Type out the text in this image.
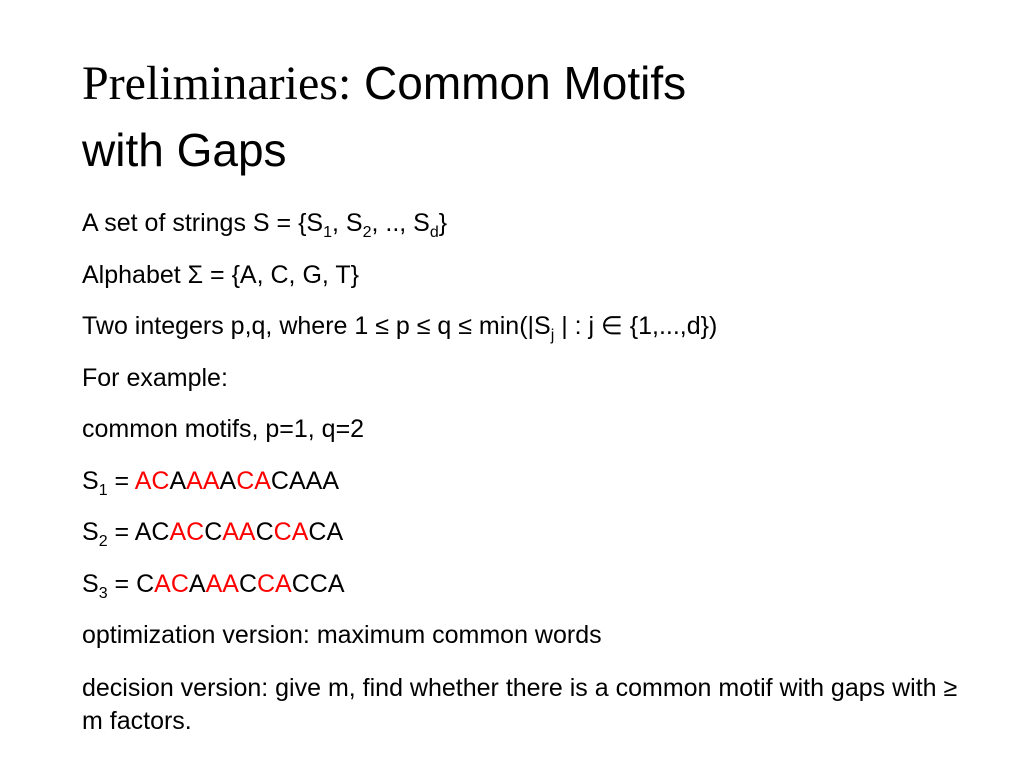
Preliminaries: Common Motifs
with Gaps

A set of strings $S = \{S_1$, $S_2$, .., $S_d$}

Alphabet Σ = {A, C, G, T}

Two integers p,q, where $1 \le p \le q \le \min(|S_j$ | : j ∈ {1,...,d})

For example:

common motifs, p=1, q=2

$S_1$ = ACAAAACACAAA

$S_2$ = ACACCAACCACA

$S_3$ = CACAAACCACCA

optimization version: maximum common words

decision version: give m, find whether there is a common motif with gaps with ≥ m factors.
